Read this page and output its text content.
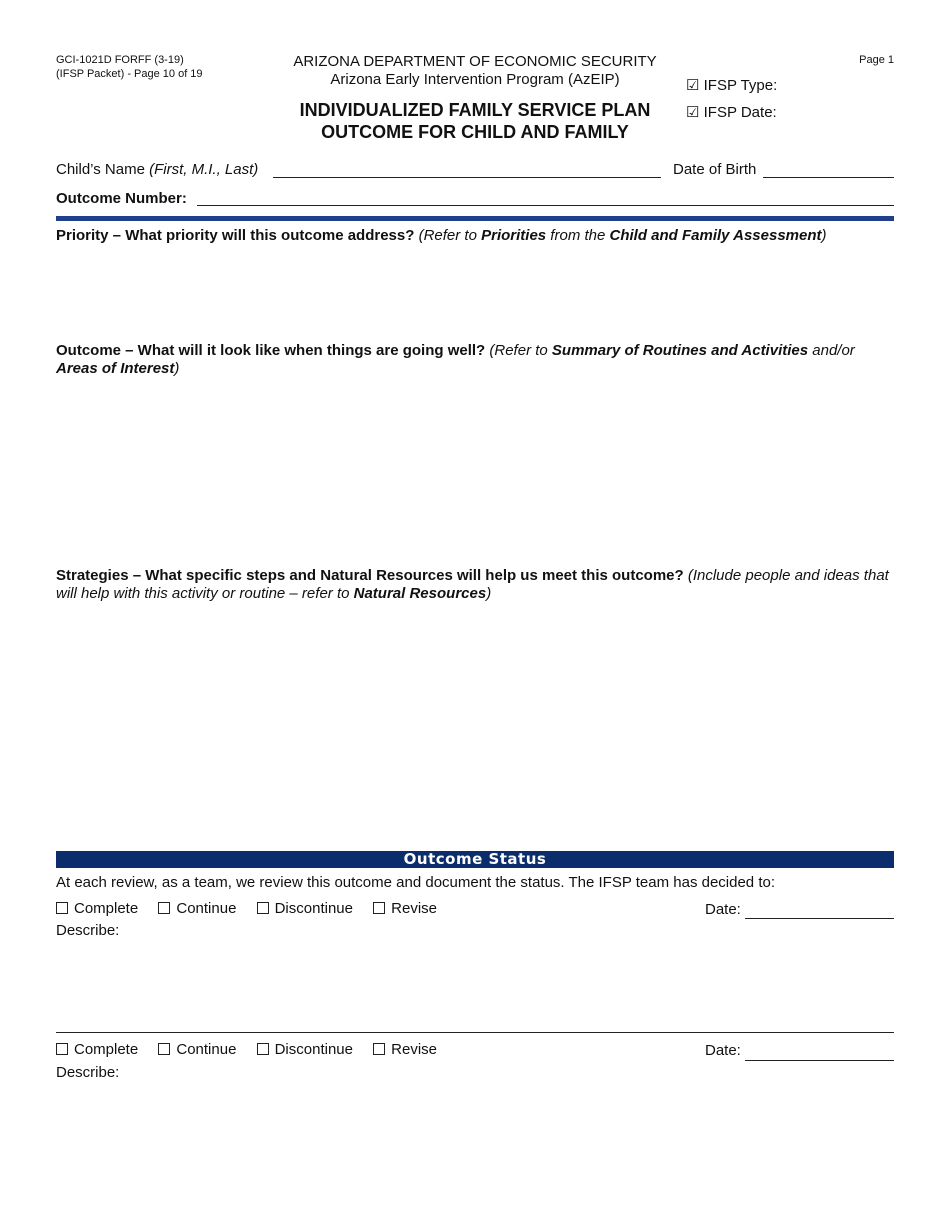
GCI-1021D FORFF (3-19)
(IFSP Packet) - Page 10 of 19
ARIZONA DEPARTMENT OF ECONOMIC SECURITY
Arizona Early Intervention Program (AzEIP)
INDIVIDUALIZED FAMILY SERVICE PLAN
OUTCOME FOR CHILD AND FAMILY
Page 1
☑ IFSP Type:
☑ IFSP Date:
Child’s Name (First, M.I., Last)	Date of Birth
Outcome Number:
Priority – What priority will this outcome address? (Refer to Priorities from the Child and Family Assessment)
Outcome – What will it look like when things are going well? (Refer to Summary of Routines and Activities and/or Areas of Interest)
Strategies – What specific steps and Natural Resources will help us meet this outcome? (Include people and ideas that will help with this activity or routine – refer to Natural Resources)
Outcome Status
At each review, as a team, we review this outcome and document the status. The IFSP team has decided to:
Complete	Continue	Discontinue	Revise	Date:
Describe:
Complete	Continue	Discontinue	Revise	Date:
Describe:
